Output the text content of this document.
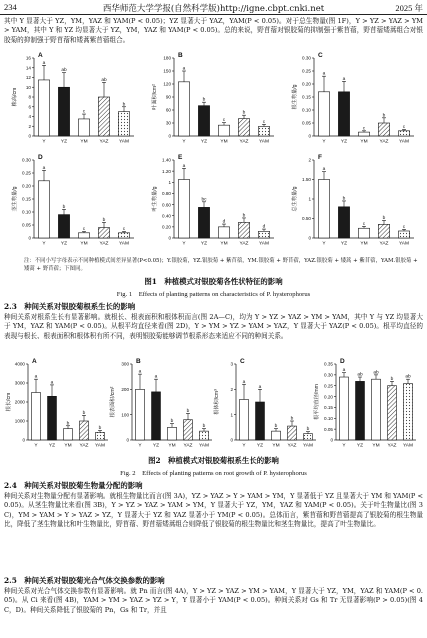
234	西华师范大学学报(自然科学版)http://igne.cbpt.cnki.net	2025 年
其中 Y 显著大于 YZ，YM，YAZ 和 YAM(P < 0.05)；YZ 显著大于 YAZ，YAM(P < 0.05)。对于总生物量(图 1F)，Y > YZ > YAZ > YM > YAM，其中 Y 和 YZ 均显著大于 YZ，YM，YAZ 和 YAM(P < 0.05)。总的来说，野苜蓿对银胶菊的抑制强于紫苜蓿，野苜蓿矮蒿组合对银胶菊的抑制强于野苜蓿和矮蒿紫苜蓿组合。
A
0
2
4
6
8
10
12
14
16
株高/cm
a
Y
ab
YZ
c
YM
ab
YAZ
b
YAM
B
0
30
60
90
120
150
180
叶面积/cm²
a
Y
b
YZ
c
YM
b
YAZ
c
YAM
C
0
0.05
0.10
0.15
0.20
0.25
0.30
根生物量/g
a
Y
a
YZ
c
YM
b
YAZ
c
YAM
D
0
0.05
0.10
0.15
0.20
0.25
0.30
茎生物量/g
a
Y
b
YZ
c
YM
b
YAZ
c
YAM
E
0
0.20
0.40
0.60
0.80
1
1.20
1.40
叶生物量/g
a
Y
bc
YZ
d
YM
b
YAZ
d
YAM
F
0
0.50
1
1.50
2
总生物量/g
a
Y
b
YZ
c
YM
b
YAZ
c
YAM
注：不同小写字母表示不同种植模式间差异显著(P<0.05)；Y.银胶菊，YZ.银胶菊 + 紫苜蓿，YM.银胶菊 + 野苜蓿，YAZ.银胶菊 + 矮蒿 + 紫苜蓿，YAM.银胶菊 + 矮蒿 + 野苜蓿；下图同。
图1　种植模式对银胶菊各性状特征的影响
Fig. 1　Effects of planting patterns on characteristics of P. hysterophorus
2.3　种间关系对银胶菊根系生长的影响
种间关系对根系生长有显著影响。就根长、根表面积和根体积而言(图 2A—C)，均为 Y > YZ > YAZ > YM > YAM，其中 Y 与 YZ 均显著大于 YM，YAZ 和 YAM(P < 0.05)。从根平均直径来看(图 2D)，Y > YM > YZ > YAM > YAZ，Y 显著大于 YAZ(P < 0.05)。根平均直径的表现与根长、根表面积和根体积有所不同，表明银胶菊能够调节根系形态来适应不同的种间关系。
A
0
1000
2000
3000
4000
根长/cm
a
Y
a
YZ
b
YM
b
YAZ
b
YAM
B
0
100
200
300
根表面积/cm²
a
Y
a
YZ
b
YM
b
YAZ
b
YAM
C
0
1
2
3
根体积/cm³
a
Y
a
YZ
b
YM
b
YAZ
b
YAM
D
0
0.05
0.10
0.15
0.20
0.25
0.30
0.35
根平均直径/mm
a
Y
ab
YZ
ab
YM
b
YAZ
ab
YAM
图2　种植模式对银胶菊根系生长的影响
Fig. 2　Effects of planting patterns on root growth of P. hysterophorus
2.4　种间关系对银胶菊生物量分配的影响
种间关系对生物量分配有显著影响。就根生物量比而言(图 3A)，YZ > YAZ > Y > YAM > YM，Y 显著低于 YZ 且显著大于 YM 和 YAM(P < 0.05)。从茎生物量比来看(图 3B)，Y > YZ > YAZ > YAM > YM，Y 显著大于 YZ，YM，YAZ 和 YAM(P < 0.05)。关于叶生物量比(图 3C)，YM > YAM > Y > YAZ > YZ，Y 显著大于 YZ 和 YAZ 显著小于 YM(P < 0.05)。总体而言，紫苜蓿和野苜蓿提高了银胶菊的根生物量比，降低了茎生物量比和叶生物量比，野苜蓿、野苜蓿矮蒿组合则降低了银胶菊的根生物量比和茎生物量比，提高了叶生物量比。
2.5　种间关系对银胶菊光合气体交换参数的影响
种间关系对光合气体交换参数有显著影响。就 Pn 而言(图 4A)，Y > YZ > YAZ > YM > YAM，Y 显著大于 YZ，YM，YAZ 和 YAM(P < 0.05)。从 Ci 来看(图 4B)，YAM > YM > YAZ > YZ > Y，Y 显著小于 YAM(P < 0.05)。种间关系对 Gs 和 Tr 无显著影响(P > 0.05)(图 4C，D)。种间关系降低了银胶菊的 Pn，Gs 和 Tr，并且
